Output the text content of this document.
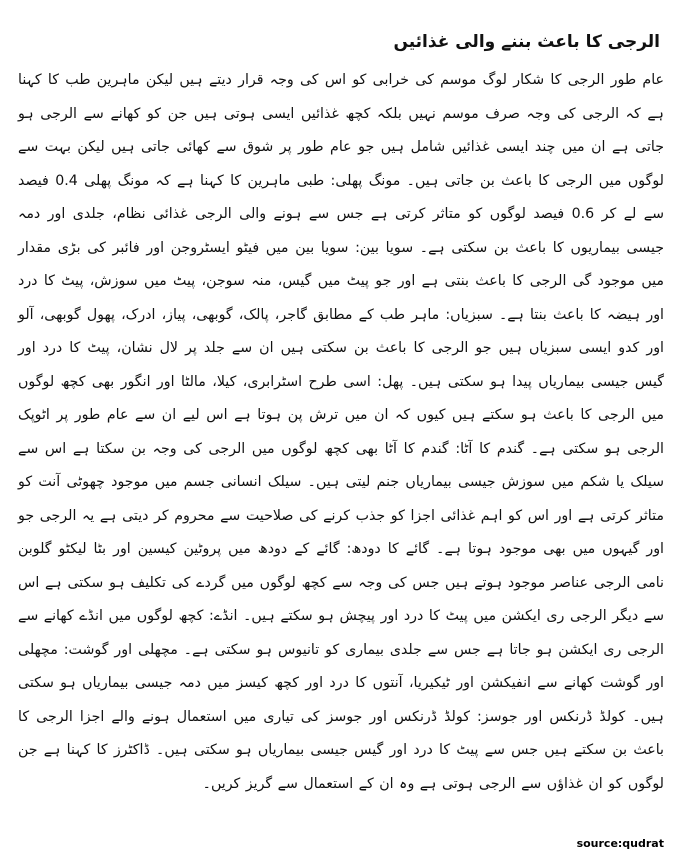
الرجی کا باعث بننے والی غذائیں

عام طور الرجی کا شکار لوگ موسم کی خرابی کو اس کی وجہ قرار دیتے ہیں لیکن ماہرین طب کا کہنا ہے کہ الرجی کی وجہ صرف موسم نہیں بلکہ کچھ غذائیں ایسی ہوتی ہیں جن کو کھانے سے الرجی ہو جاتی ہے ان میں چند ایسی غذائیں شامل ہیں جو عام طور پر شوق سے کھائی جاتی ہیں لیکن بہت سے لوگوں میں الرجی کا باعث بن جاتی ہیں۔ مونگ پھلی: طبی ماہرین کا کہنا ہے کہ مونگ پھلی 0.4 فیصد سے لے کر 0.6 فیصد لوگوں کو متاثر کرتی ہے جس سے ہونے والی الرجی غذائی نظام، جلدی اور دمہ جیسی بیماریوں کا باعث بن سکتی ہے۔ سویا بین: سویا بین میں فیٹو ایسٹروجن اور فائبر کی بڑی مقدار میں موجود گی الرجی کا باعث بنتی ہے اور جو پیٹ میں گیس، منہ سوجن، پیٹ میں سوزش، پیٹ کا درد اور ہیضہ کا باعث بنتا ہے۔ سبزیاں: ماہر طب کے مطابق گاجر، پالک، گوبھی، پیاز، ادرک، پھول گوبھی، آلو اور کدو ایسی سبزیاں ہیں جو الرجی کا باعث بن سکتی ہیں ان سے جلد پر لال نشان، پیٹ کا درد اور گیس جیسی بیماریاں پیدا ہو سکتی ہیں۔ پھل: اسی طرح اسٹرابری، کیلا، مالٹا اور انگور بھی کچھ لوگوں میں الرجی کا باعث ہو سکتے ہیں کیوں کہ ان میں ترش پن ہوتا ہے اس لیے ان سے عام طور پر اٹوپک الرجی ہو سکتی ہے۔ گندم کا آٹا: گندم کا آٹا بھی کچھ لوگوں میں الرجی کی وجہ بن سکتا ہے اس سے سیلک یا شکم میں سوزش جیسی بیماریاں جنم لیتی ہیں۔ سیلک انسانی جسم میں موجود چھوٹی آنت کو متاثر کرتی ہے اور اس کو اہم غذائی اجزا کو جذب کرنے کی صلاحیت سے محروم کر دیتی ہے یہ الرجی جو اور گیہوں میں بھی موجود ہوتا ہے۔ گائے کا دودھ: گائے کے دودھ میں پروٹین کیسین اور بٹا لیکٹو گلوبن نامی الرجی عناصر موجود ہوتے ہیں جس کی وجہ سے کچھ لوگوں میں گردے کی تکلیف ہو سکتی ہے اس سے دیگر الرجی ری ایکشن میں پیٹ کا درد اور پیچش ہو سکتے ہیں۔ انڈے: کچھ لوگوں میں انڈے کھانے سے الرجی ری ایکشن ہو جاتا ہے جس سے جلدی بیماری کو تانیوس ہو سکتی ہے۔ مچھلی اور گوشت: مچھلی اور گوشت کھانے سے انفیکشن اور ٹیکیریا، آنتوں کا درد اور کچھ کیسز میں دمہ جیسی بیماریاں ہو سکتی ہیں۔ کولڈ ڈرنکس اور جوسز: کولڈ ڈرنکس اور جوسز کی تیاری میں استعمال ہونے والے اجزا الرجی کا باعث بن سکتے ہیں جس سے پیٹ کا درد اور گیس جیسی بیماریاں ہو سکتی ہیں۔ ڈاکٹرز کا کہنا ہے جن لوگوں کو ان غذاؤں سے الرجی ہوتی ہے وہ ان کے استعمال سے گریز کریں۔

source:qudrat
